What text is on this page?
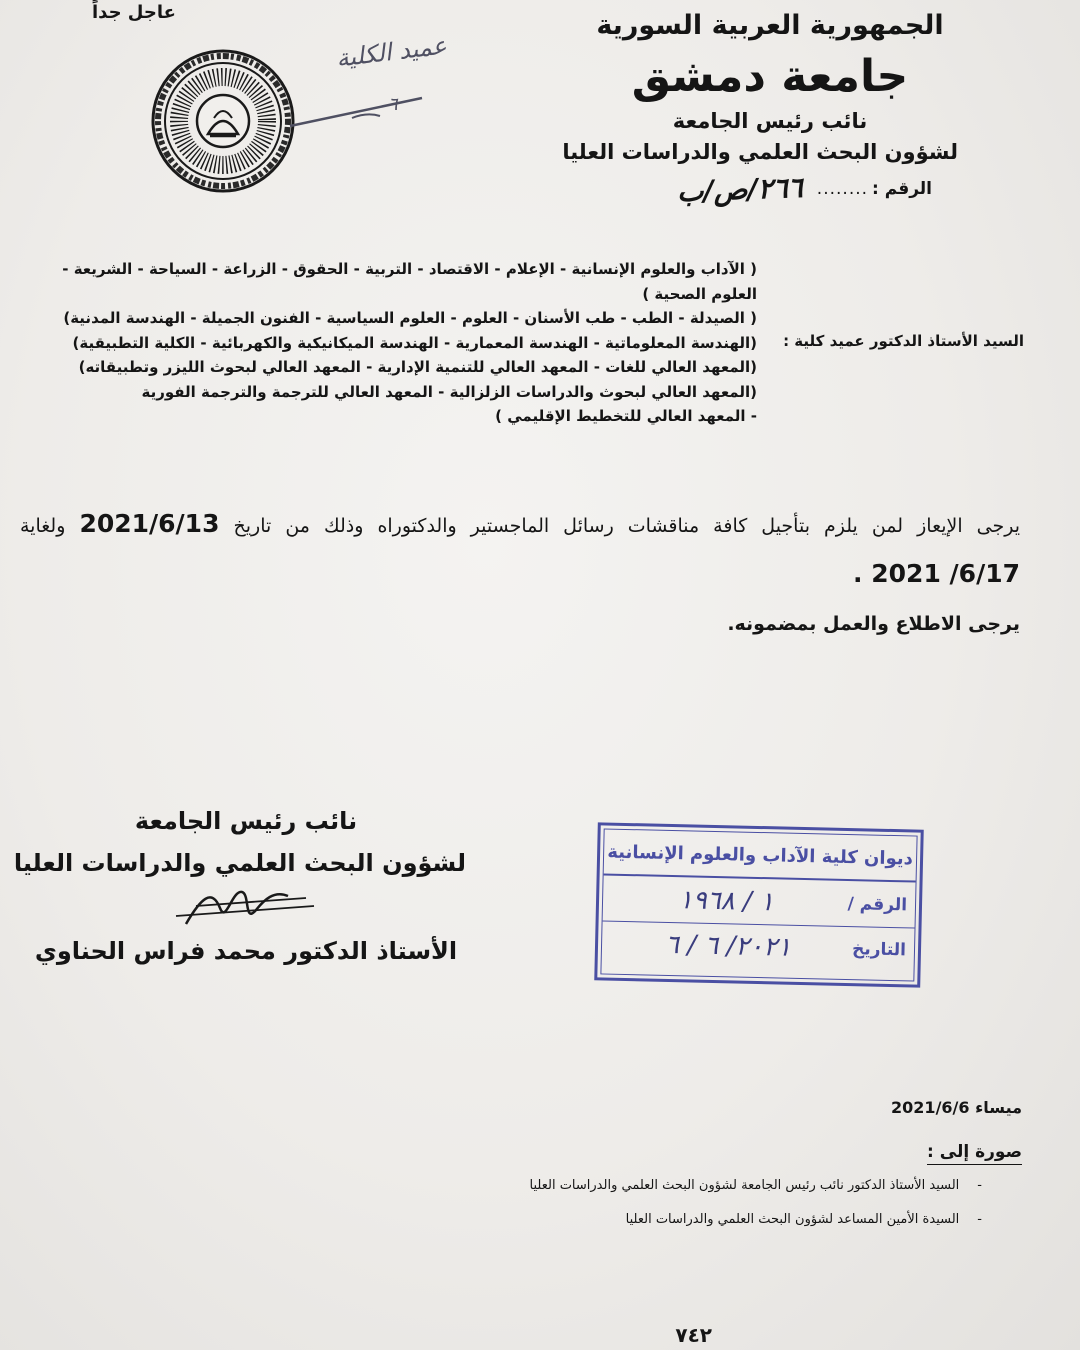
عاجل جداً
عميد الكلية
٦
الجمهورية العربية السورية
جامعة دمشق
نائب رئيس الجامعة
لشؤون البحث العلمي والدراسات العليا
الرقم :
........
٢٦٦/ص/ب
السيد الأستاذ الدكتور عميد كلية :
( الآداب والعلوم الإنسانية - الإعلام - الاقتصاد - التربية - الحقوق - الزراعة - السياحة - الشريعة -
العلوم الصحية )
( الصيدلة - الطب - طب الأسنان - العلوم - العلوم السياسية - الفنون الجميلة - الهندسة المدنية)
(الهندسة المعلوماتية - الهندسة المعمارية - الهندسة الميكانيكية والكهربائية - الكلية التطبيقية)
(المعهد العالي للغات - المعهد العالي للتنمية الإدارية - المعهد العالي لبحوث الليزر وتطبيقاته)
(المعهد العالي لبحوث والدراسات الزلزالية - المعهد العالي للترجمة والترجمة الفورية
- المعهد العالي للتخطيط الإقليمي )
يرجى الإيعاز لمن يلزم بتأجيل كافة مناقشات رسائل الماجستير والدكتوراه وذلك من تاريخ 2021/6/13 ولغاية
2021 /6/17 .
يرجى الاطلاع والعمل بمضمونه.
نائب رئيس الجامعة
لشؤون البحث العلمي والدراسات العليا
الأستاذ الدكتور محمد فراس الحناوي
ديوان كلية الآداب والعلوم الإنسانية
الرقم /
١ / ١٩٦٨
التاريخ
٢٠٢١/ ٦ / ٦
ميساء 2021/6/6
صورة إلى :
-
السيد الأستاذ الدكتور نائب رئيس الجامعة لشؤون البحث العلمي والدراسات العليا
-
السيدة الأمين المساعد لشؤون البحث العلمي والدراسات العليا
٧٤٢
